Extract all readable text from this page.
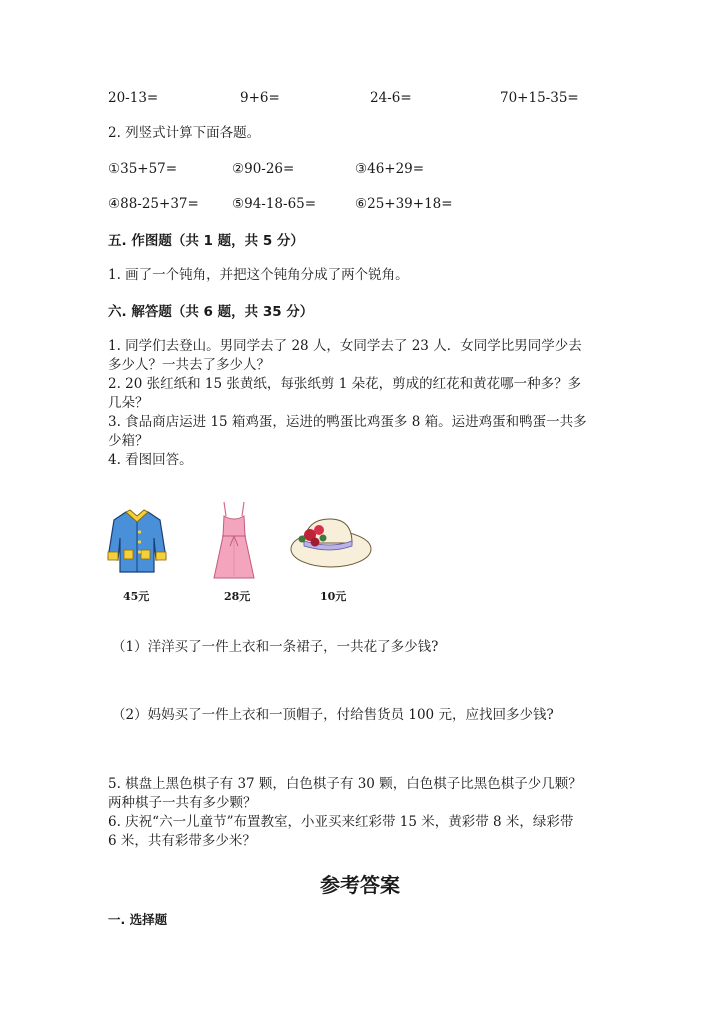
20-13=	9+6=	24-6=	70+15-35=
2. 列竖式计算下面各题。
①35+57=	②90-26=	③46+29=
④88-25+37= ⑤94-18-65=	⑥25+39+18=
五. 作图题（共 1 题，共 5 分）
1. 画了一个钝角，并把这个钝角分成了两个锐角。
六. 解答题（共 6 题，共 35 分）
1. 同学们去登山。男同学去了 28 人，女同学去了 23 人．女同学比男同学少去
多少人？一共去了多少人？
2. 20 张红纸和 15 张黄纸，每张纸剪 1 朵花，剪成的红花和黄花哪一种多？多
几朵？
3. 食品商店运进 15 箱鸡蛋，运进的鸭蛋比鸡蛋多 8 箱。运进鸡蛋和鸭蛋一共多
少箱？
4. 看图回答。
45元	28元	10元
（1）洋洋买了一件上衣和一条裙子，一共花了多少钱?
（2）妈妈买了一件上衣和一顶帽子，付给售货员 100 元，应找回多少钱?
5. 棋盘上黑色棋子有 37 颗，白色棋子有 30 颗，白色棋子比黑色棋子少几颗？
两种棋子一共有多少颗？
6. 庆祝“六一儿童节”布置教室，小亚买来红彩带 15 米，黄彩带 8 米，绿彩带
6 米，共有彩带多少米？
参考答案
一. 选择题
